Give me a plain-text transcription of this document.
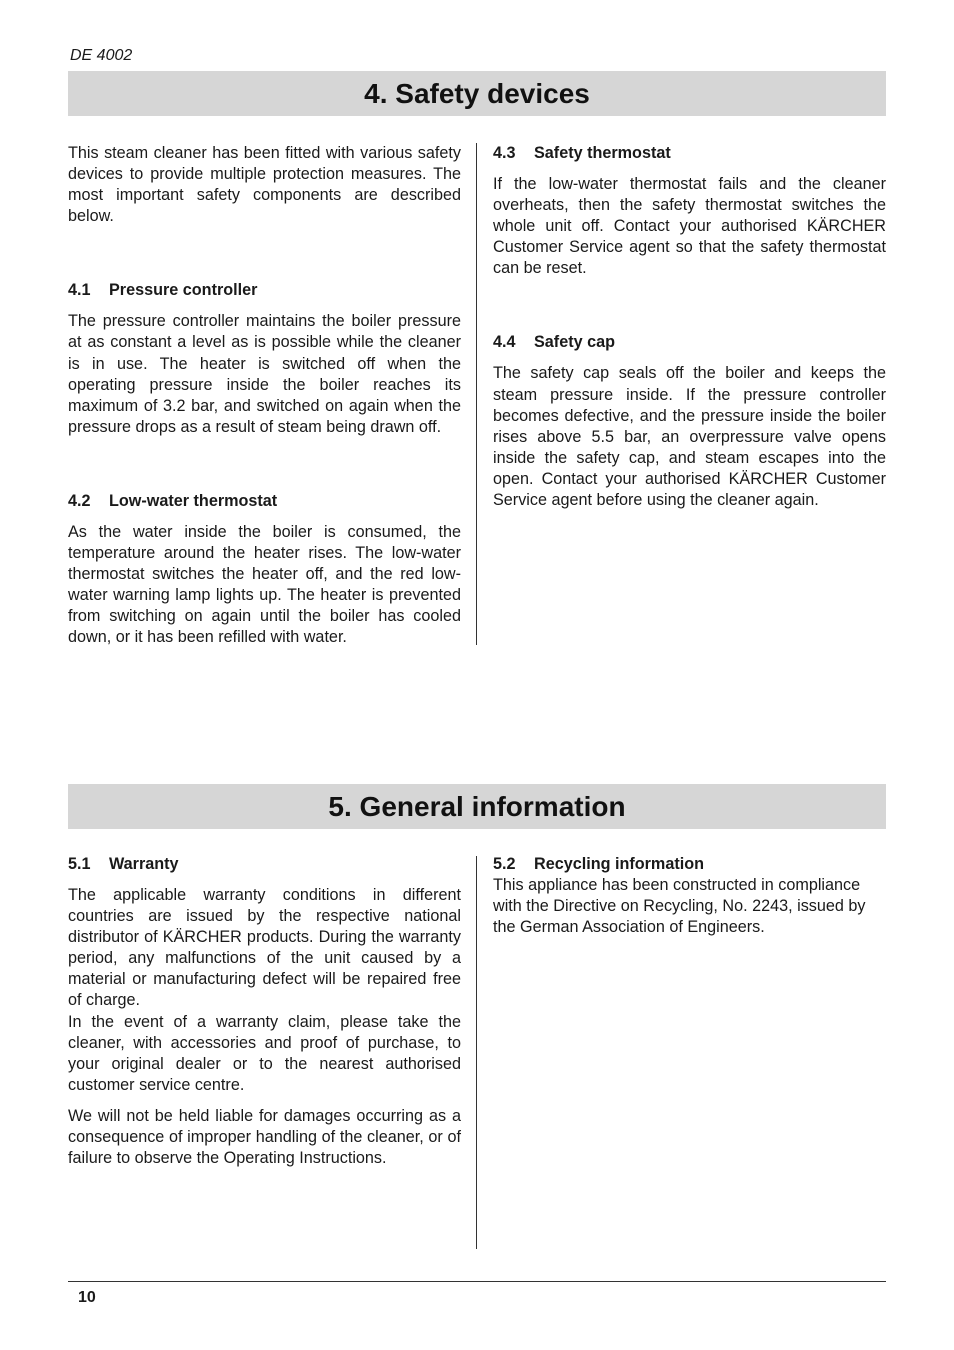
DE 4002
4. Safety devices

This steam cleaner has been fitted with various safety devices to provide multiple protection measures. The most important safety components are described below.

4.1 Pressure controller

The pressure controller maintains the boiler pressure at as constant a level as is possible while the cleaner is in use. The heater is switched off when the operating pressure inside the boiler reaches its maximum of 3.2 bar, and switched on again when the pressure drops as a result of steam being drawn off.

4.2 Low-water thermostat

As the water inside the boiler is consumed, the temperature around the heater rises. The low-water thermostat switches the heater off, and the red low-water warning lamp lights up. The heater is prevented from switching on again until the boiler has cooled down, or it has been refilled with water.

4.3 Safety thermostat

If the low-water thermostat fails and the cleaner overheats, then the safety thermostat switches the whole unit off. Contact your authorised KÄRCHER Customer Service agent so that the safety thermostat can be reset.

4.4 Safety cap

The safety cap seals off the boiler and keeps the steam pressure inside. If the pressure controller becomes defective, and the pressure inside the boiler rises above 5.5 bar, an overpressure valve opens inside the safety cap, and steam escapes into the open. Contact your authorised KÄRCHER Customer Service agent before using the cleaner again.

5. General information
5.1 Warranty

The applicable warranty conditions in different countries are issued by the respective national distributor of KÄRCHER products. During the warranty period, any malfunctions of the unit caused by a material or manufacturing defect will be repaired free of charge.

In the event of a warranty claim, please take the cleaner, with accessories and proof of purchase, to your original dealer or to the nearest authorised customer service centre.

We will not be held liable for damages occurring as a consequence of improper handling of the cleaner, or of failure to observe the Operating Instructions.

5.2 Recycling information

This appliance has been constructed in compliance with the Directive on Recycling, No. 2243, issued by the German Association of Engineers.

10
